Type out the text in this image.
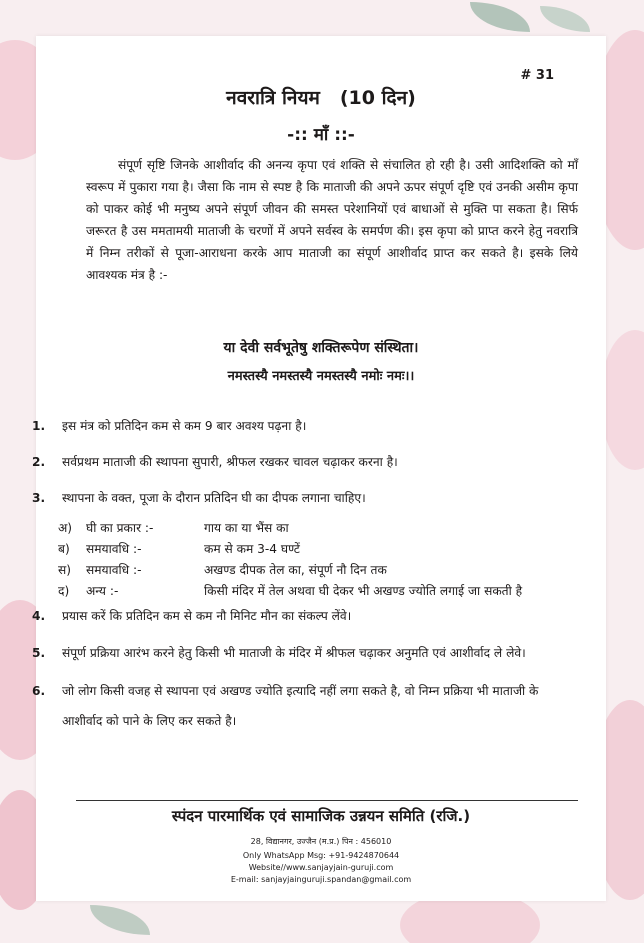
# 31
नवरात्रि नियम (10 दिन)
-:: माँ ::-

संपूर्ण सृष्टि जिनके आशीर्वाद की अनन्य कृपा एवं शक्ति से संचालित हो रही है। उसी आदिशक्ति को माँ स्वरूप में पुकारा गया है। जैसा कि नाम से स्पष्ट है कि माताजी की अपने ऊपर संपूर्ण दृष्टि एवं उनकी असीम कृपा को पाकर कोई भी मनुष्य अपने संपूर्ण जीवन की समस्त परेशानियों एवं बाधाओं से मुक्ति पा सकता है। सिर्फ जरूरत है उस ममतामयी माताजी के चरणों में अपने सर्वस्व के समर्पण की। इस कृपा को प्राप्त करने हेतु नवरात्रि में निम्न तरीकों से पूजा-आराधना करके आप माताजी का संपूर्ण आशीर्वाद प्राप्त कर सकते है। इसके लिये आवश्यक मंत्र है :-

या देवी सर्वभूतेषु शक्तिरूपेण संस्थिता।
नमस्तस्यै नमस्तस्यै नमस्तस्यै नमोः नमः।।
1.	इस मंत्र को प्रतिदिन कम से कम 9 बार अवश्य पढ़ना है।
2.	सर्वप्रथम माताजी की स्थापना सुपारी, श्रीफल रखकर चावल चढ़ाकर करना है।
3.	स्थापना के वक्त, पूजा के दौरान प्रतिदिन घी का दीपक लगाना चाहिए।
अ)	घी का प्रकार :-	गाय का या भैंस का
ब)	समयावधि :-	कम से कम 3-4 घण्टें
स)	समयावधि :-	अखण्ड दीपक तेल का, संपूर्ण नौ दिन तक
द)	अन्य :-	किसी मंदिर में तेल अथवा घी देकर भी अखण्ड ज्योति लगाई जा सकती है
4.	प्रयास करें कि प्रतिदिन कम से कम नौ मिनिट मौन का संकल्प लेंवे।
5.	संपूर्ण प्रक्रिया आरंभ करने हेतु किसी भी माताजी के मंदिर में श्रीफल चढ़ाकर अनुमति एवं आशीर्वाद ले लेवे।
6.	जो लोग किसी वजह से स्थापना एवं अखण्ड ज्योति इत्यादि नहीं लगा सकते है, वो निम्न प्रक्रिया भी माताजी के आशीर्वाद को पाने के लिए कर सकते है।
स्पंदन पारमार्थिक एवं सामाजिक उन्नयन समिति (रजि.)
28, विद्यानगर, उज्जैन (म.प्र.) पिन : 456010
Only WhatsApp Msg: +91-9424870644
Website//www.sanjayjain-guruji.com
E-mail: sanjayjainguruji.spandan@gmail.com
